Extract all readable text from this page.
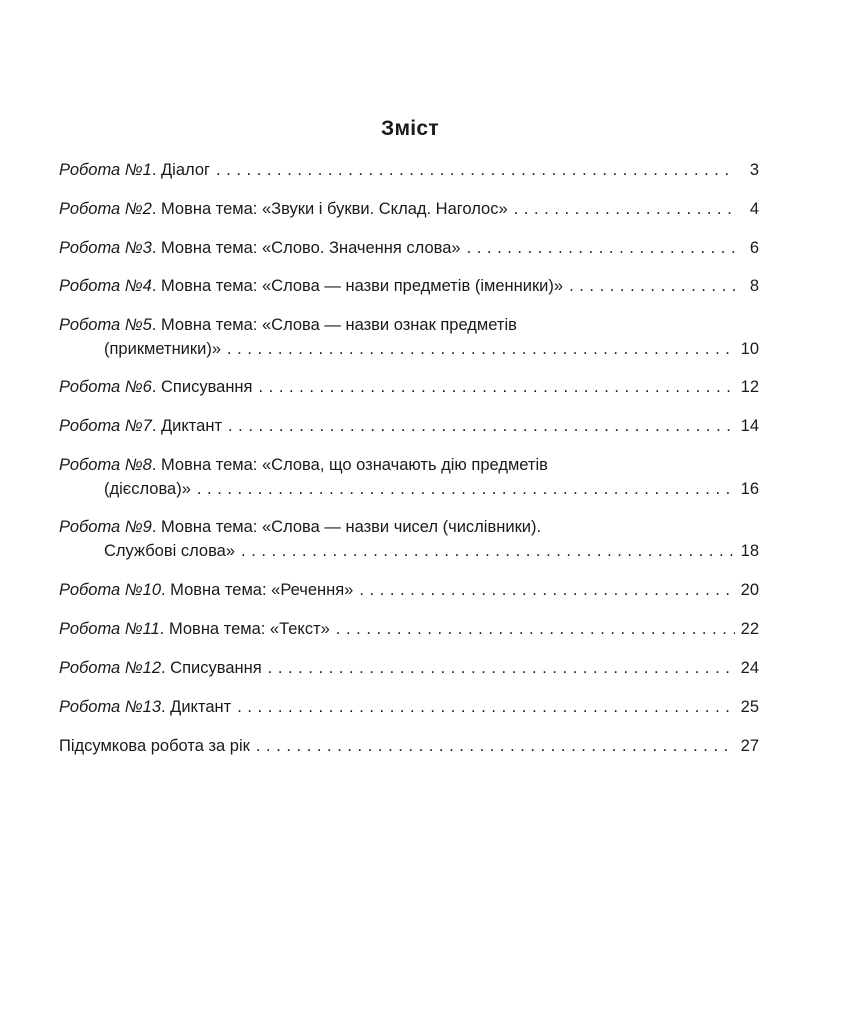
Зміст
Робота №1. Діалог . . .	3
Робота №2. Мовна тема: «Звуки і букви. Склад. Наголос» . . .	4
Робота №3. Мовна тема: «Слово. Значення слова» . . .	6
Робота №4. Мовна тема: «Слова — назви предметів (іменники)» . . .	8
Робота №5. Мовна тема: «Слова — назви ознак предметів
(прикметники)» . . .	10
Робота №6. Списування . . .	12
Робота №7. Диктант . . .	14
Робота №8. Мовна тема: «Слова, що означають дію предметів
(дієслова)» . . .	16
Робота №9. Мовна тема: «Слова — назви чисел (числівники).
Службові слова» . . .	18
Робота №10. Мовна тема: «Речення» . . .	20
Робота №11. Мовна тема: «Текст» . . .	22
Робота №12. Списування . . .	24
Робота №13. Диктант . . .	25
Підсумкова робота за рік . . .	27
